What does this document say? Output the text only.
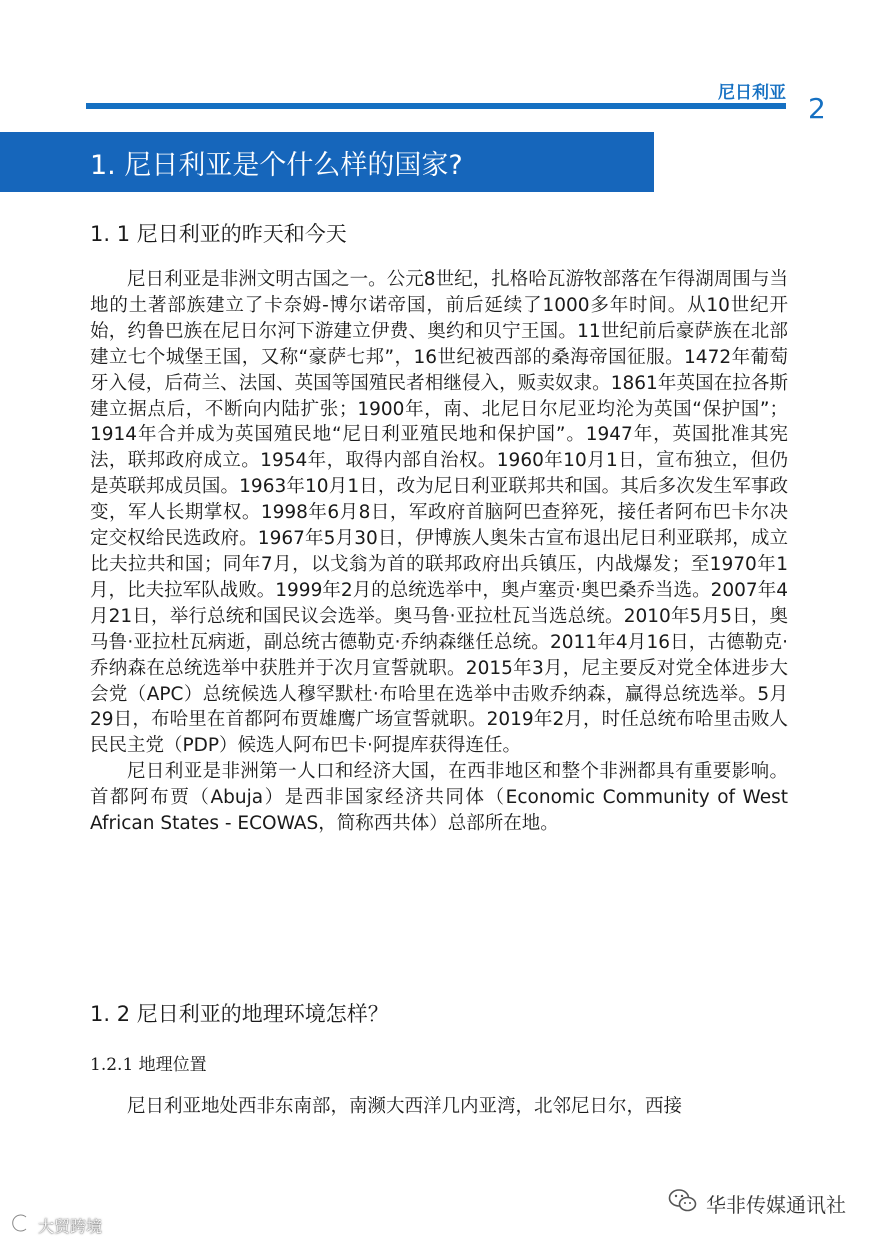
尼日利亚 2
1. 尼日利亚是个什么样的国家?
1. 1 尼日利亚的昨天和今天

尼日利亚是非洲文明古国之一。公元8世纪，扎格哈瓦游牧部落在乍得湖周围与当地的土著部族建立了卡奈姆-博尔诺帝国，前后延续了1000多年时间。从10世纪开始，约鲁巴族在尼日尔河下游建立伊费、奥约和贝宁王国。11世纪前后豪萨族在北部建立七个城堡王国，又称“豪萨七邦”，16世纪被西部的桑海帝国征服。1472年葡萄牙入侵，后荷兰、法国、英国等国殖民者相继侵入，贩卖奴隶。1861年英国在拉各斯建立据点后，不断向内陆扩张；1900年，南、北尼日尔尼亚均沦为英国“保护国”；1914年合并成为英国殖民地“尼日利亚殖民地和保护国”。1947年，英国批准其宪法，联邦政府成立。1954年，取得内部自治权。1960年10月1日，宣布独立，但仍是英联邦成员国。1963年10月1日，改为尼日利亚联邦共和国。其后多次发生军事政变，军人长期掌权。1998年6月8日，军政府首脑阿巴查猝死，接任者阿布巴卡尔决定交权给民选政府。1967年5月30日，伊博族人奥朱古宣布退出尼日利亚联邦，成立比夫拉共和国；同年7月，以戈翁为首的联邦政府出兵镇压，内战爆发；至1970年1月，比夫拉军队战败。1999年2月的总统选举中，奥卢塞贡·奥巴桑乔当选。2007年4月21日，举行总统和国民议会选举。奥马鲁·亚拉杜瓦当选总统。2010年5月5日，奥马鲁·亚拉杜瓦病逝，副总统古德勒克·乔纳森继任总统。2011年4月16日，古德勒克·乔纳森在总统选举中获胜并于次月宣誓就职。2015年3月，尼主要反对党全体进步大会党（APC）总统候选人穆罕默杜·布哈里在选举中击败乔纳森，赢得总统选举。5月29日，布哈里在首都阿布贾雄鹰广场宣誓就职。2019年2月，时任总统布哈里击败人民民主党（PDP）候选人阿布巴卡·阿提库获得连任。

尼日利亚是非洲第一人口和经济大国，在西非地区和整个非洲都具有重要影响。首都阿布贾（Abuja）是西非国家经济共同体（Economic Community of West African States - ECOWAS，简称西共体）总部所在地。

1. 2 尼日利亚的地理环境怎样？
1.2.1 地理位置

尼日利亚地处西非东南部，南濒大西洋几内亚湾，北邻尼日尔，西接

华非传媒通讯社
大贸跨境
